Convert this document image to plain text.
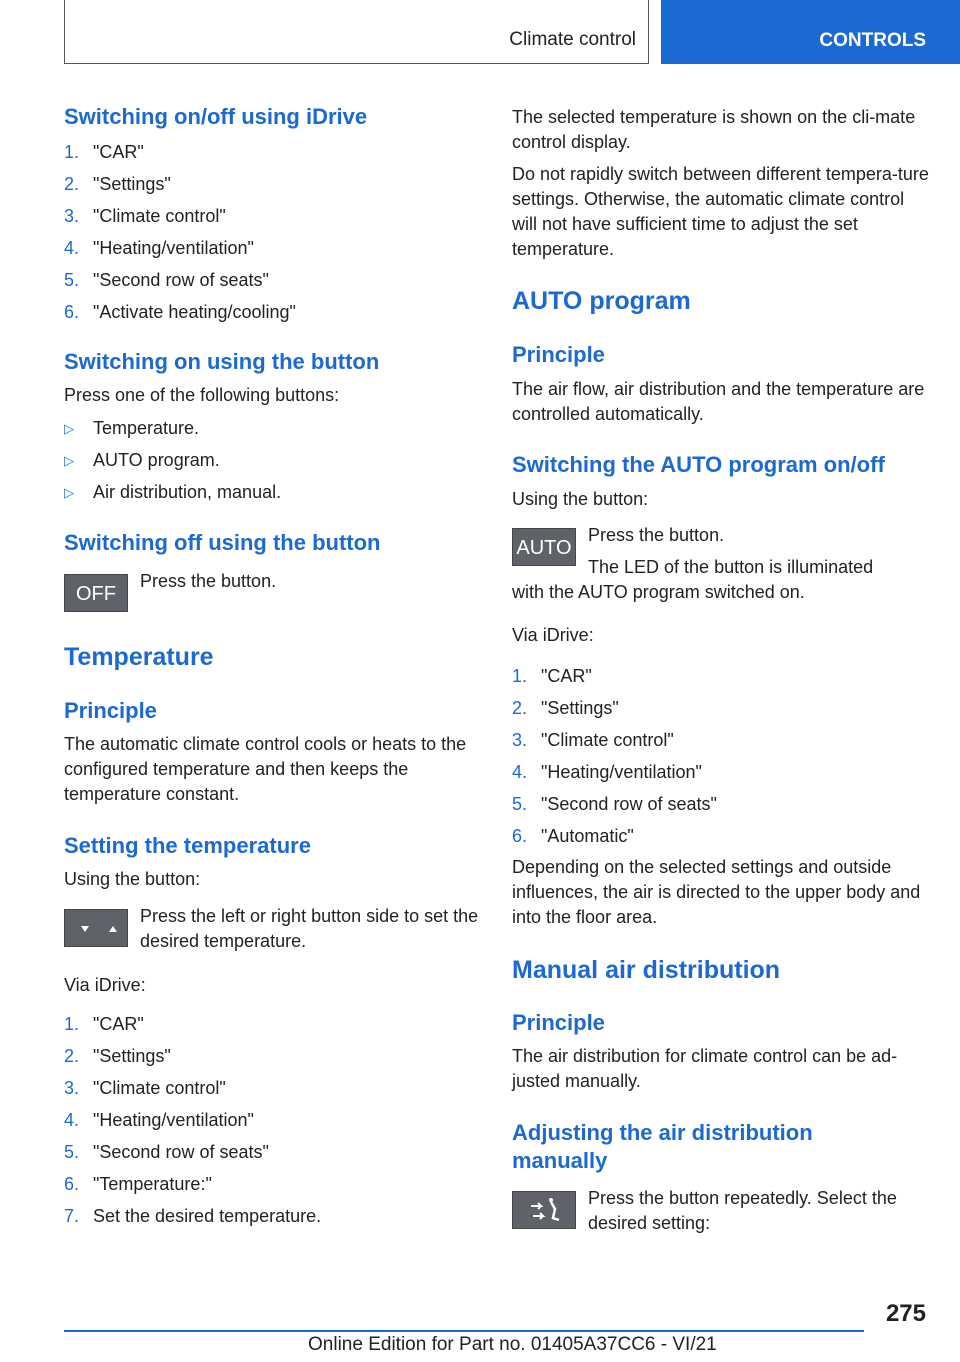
Climate control	CONTROLS
Switching on/off using iDrive
1. "CAR"
2. "Settings"
3. "Climate control"
4. "Heating/ventilation"
5. "Second row of seats"
6. "Activate heating/cooling"
Switching on using the button
Press one of the following buttons:
▷ Temperature.
▷ AUTO program.
▷ Air distribution, manual.
Switching off using the button
OFF
Press the button.
Temperature
Principle
The automatic climate control cools or heats to the configured temperature and then keeps the temperature constant.
Setting the temperature
Using the button:
Press the left or right button side to set the desired temperature.
Via iDrive:
1. "CAR"
2. "Settings"
3. "Climate control"
4. "Heating/ventilation"
5. "Second row of seats"
6. "Temperature:"
7. Set the desired temperature.
The selected temperature is shown on the cli-mate control display.
Do not rapidly switch between different tempera-ture settings. Otherwise, the automatic climate control will not have sufficient time to adjust the set temperature.
AUTO program
Principle
The air flow, air distribution and the temperature are controlled automatically.
Switching the AUTO program on/off
Using the button:
AUTO
Press the button.
The LED of the button is illuminated
with the AUTO program switched on.
Via iDrive:
1. "CAR"
2. "Settings"
3. "Climate control"
4. "Heating/ventilation"
5. "Second row of seats"
6. "Automatic"
Depending on the selected settings and outside influences, the air is directed to the upper body and into the floor area.
Manual air distribution
Principle
The air distribution for climate control can be ad-justed manually.
Adjusting the air distribution
manually
Press the button repeatedly. Select the desired setting:
275
Online Edition for Part no. 01405A37CC6 - VI/21
